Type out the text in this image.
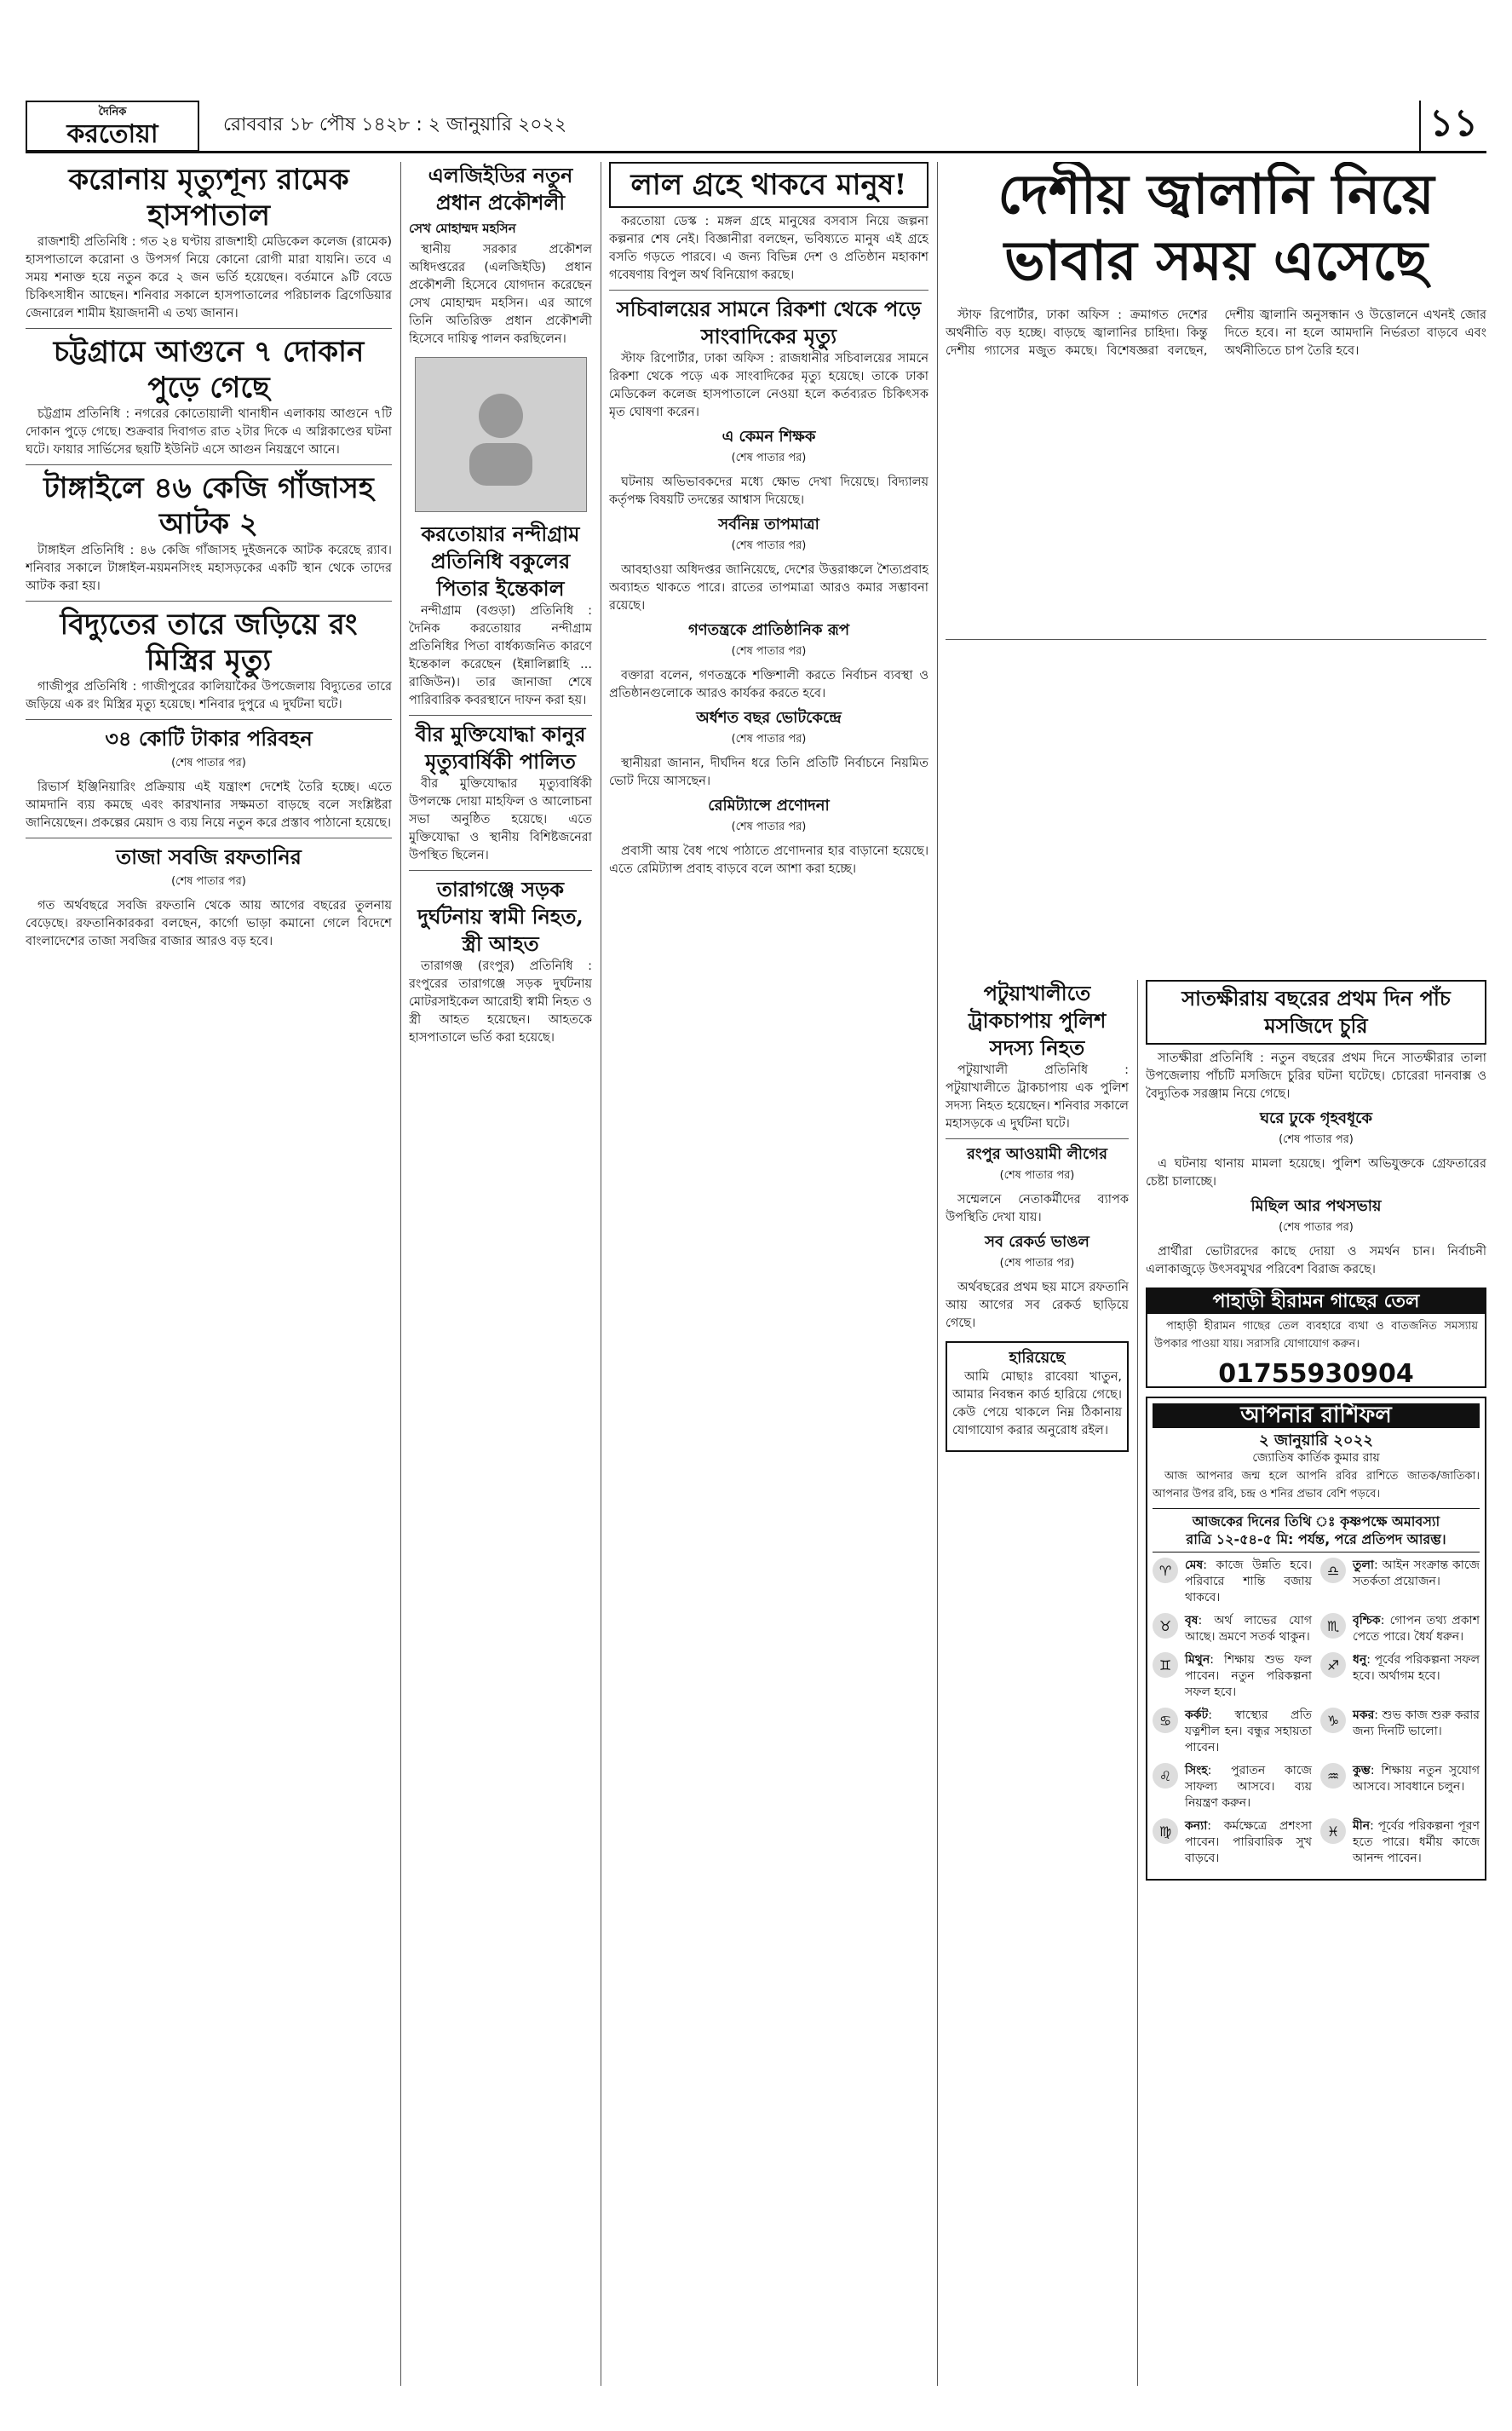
দৈনিক
করতোয়া	রোববার ১৮ পৌষ ১৪২৮ : ২ জানুয়ারি ২০২২	১১
করোনায় মৃত্যুশূন্য রামেক হাসপাতাল

রাজশাহী প্রতিনিধি : গত ২৪ ঘণ্টায় রাজশাহী মেডিকেল কলেজ (রামেক) হাসপাতালে করোনা ও উপসর্গ নিয়ে কোনো রোগী মারা যায়নি। তবে এ সময় শনাক্ত হয়ে নতুন করে ২ জন ভর্তি হয়েছেন। বর্তমানে ৯টি বেডে চিকিৎসাধীন আছেন। শনিবার সকালে হাসপাতালের পরিচালক ব্রিগেডিয়ার জেনারেল শামীম ইয়াজদানী এ তথ্য জানান।

চট্টগ্রামে আগুনে ৭ দোকান পুড়ে গেছে

চট্টগ্রাম প্রতিনিধি : নগরের কোতোয়ালী থানাধীন এলাকায় আগুনে ৭টি দোকান পুড়ে গেছে। শুক্রবার দিবাগত রাত ২টার দিকে এ অগ্নিকাণ্ডের ঘটনা ঘটে। ফায়ার সার্ভিসের ছয়টি ইউনিট এসে আগুন নিয়ন্ত্রণে আনে।

টাঙ্গাইলে ৪৬ কেজি গাঁজাসহ আটক ২

টাঙ্গাইল প্রতিনিধি : ৪৬ কেজি গাঁজাসহ দুইজনকে আটক করেছে র‌্যাব। শনিবার সকালে টাঙ্গাইল-ময়মনসিংহ মহাসড়কের একটি স্থান থেকে তাদের আটক করা হয়।

বিদ্যুতের তারে জড়িয়ে রং মিস্ত্রির মৃত্যু

গাজীপুর প্রতিনিধি : গাজীপুরের কালিয়াকৈর উপজেলায় বিদ্যুতের তারে জড়িয়ে এক রং মিস্ত্রির মৃত্যু হয়েছে। শনিবার দুপুরে এ দুর্ঘটনা ঘটে।

৩৪ কোটি টাকার পরিবহন
(শেষ পাতার পর)

রিভার্স ইঞ্জিনিয়ারিং প্রক্রিয়ায় এই যন্ত্রাংশ দেশেই তৈরি হচ্ছে। এতে আমদানি ব্যয় কমছে এবং কারখানার সক্ষমতা বাড়ছে বলে সংশ্লিষ্টরা জানিয়েছেন। প্রকল্পের মেয়াদ ও ব্যয় নিয়ে নতুন করে প্রস্তাব পাঠানো হয়েছে।

তাজা সবজি রফতানির
(শেষ পাতার পর)

গত অর্থবছরে সবজি রফতানি থেকে আয় আগের বছরের তুলনায় বেড়েছে। রফতানিকারকরা বলছেন, কার্গো ভাড়া কমানো গেলে বিদেশে বাংলাদেশের তাজা সবজির বাজার আরও বড় হবে।

এলজিইডির নতুন প্রধান প্রকৌশলী
সেখ মোহাম্মদ মহসিন

স্থানীয় সরকার প্রকৌশল অধিদপ্তরের (এলজিইডি) প্রধান প্রকৌশলী হিসেবে যোগদান করেছেন সেখ মোহাম্মদ মহসিন। এর আগে তিনি অতিরিক্ত প্রধান প্রকৌশলী হিসেবে দায়িত্ব পালন করছিলেন।

করতোয়ার নন্দীগ্রাম প্রতিনিধি বকুলের পিতার ইন্তেকাল

নন্দীগ্রাম (বগুড়া) প্রতিনিধি : দৈনিক করতোয়ার নন্দীগ্রাম প্রতিনিধির পিতা বার্ধক্যজনিত কারণে ইন্তেকাল করেছেন (ইন্নালিল্লাহি ... রাজিউন)। তার জানাজা শেষে পারিবারিক কবরস্থানে দাফন করা হয়।

বীর মুক্তিযোদ্ধা কানুর মৃত্যুবার্ষিকী পালিত

বীর মুক্তিযোদ্ধার মৃত্যুবার্ষিকী উপলক্ষে দোয়া মাহফিল ও আলোচনা সভা অনুষ্ঠিত হয়েছে। এতে মুক্তিযোদ্ধা ও স্থানীয় বিশিষ্টজনেরা উপস্থিত ছিলেন।

তারাগঞ্জে সড়ক দুর্ঘটনায় স্বামী নিহত, স্ত্রী আহত

তারাগঞ্জ (রংপুর) প্রতিনিধি : রংপুরের তারাগঞ্জে সড়ক দুর্ঘটনায় মোটরসাইকেল আরোহী স্বামী নিহত ও স্ত্রী আহত হয়েছেন। আহতকে হাসপাতালে ভর্তি করা হয়েছে।

লাল গ্রহে থাকবে মানুষ!

করতোয়া ডেস্ক : মঙ্গল গ্রহে মানুষের বসবাস নিয়ে জল্পনা কল্পনার শেষ নেই। বিজ্ঞানীরা বলছেন, ভবিষ্যতে মানুষ এই গ্রহে বসতি গড়তে পারবে। এ জন্য বিভিন্ন দেশ ও প্রতিষ্ঠান মহাকাশ গবেষণায় বিপুল অর্থ বিনিয়োগ করছে।

সচিবালয়ের সামনে রিকশা থেকে পড়ে সাংবাদিকের মৃত্যু

স্টাফ রিপোর্টার, ঢাকা অফিস : রাজধানীর সচিবালয়ের সামনে রিকশা থেকে পড়ে এক সাংবাদিকের মৃত্যু হয়েছে। তাকে ঢাকা মেডিকেল কলেজ হাসপাতালে নেওয়া হলে কর্তব্যরত চিকিৎসক মৃত ঘোষণা করেন।

এ কেমন শিক্ষক
(শেষ পাতার পর)

ঘটনায় অভিভাবকদের মধ্যে ক্ষোভ দেখা দিয়েছে। বিদ্যালয় কর্তৃপক্ষ বিষয়টি তদন্তের আশ্বাস দিয়েছে।

সর্বনিম্ন তাপমাত্রা
(শেষ পাতার পর)

আবহাওয়া অধিদপ্তর জানিয়েছে, দেশের উত্তরাঞ্চলে শৈত্যপ্রবাহ অব্যাহত থাকতে পারে। রাতের তাপমাত্রা আরও কমার সম্ভাবনা রয়েছে।

গণতন্ত্রকে প্রাতিষ্ঠানিক রূপ
(শেষ পাতার পর)

বক্তারা বলেন, গণতন্ত্রকে শক্তিশালী করতে নির্বাচন ব্যবস্থা ও প্রতিষ্ঠানগুলোকে আরও কার্যকর করতে হবে।

অর্ধশত বছর ভোটকেন্দ্রে
(শেষ পাতার পর)

স্থানীয়রা জানান, দীর্ঘদিন ধরে তিনি প্রতিটি নির্বাচনে নিয়মিত ভোট দিয়ে আসছেন।

রেমিট্যান্সে প্রণোদনা
(শেষ পাতার পর)

প্রবাসী আয় বৈধ পথে পাঠাতে প্রণোদনার হার বাড়ানো হয়েছে। এতে রেমিট্যান্স প্রবাহ বাড়বে বলে আশা করা হচ্ছে।

দেশীয় জ্বালানি নিয়ে ভাবার সময় এসেছে

স্টাফ রিপোর্টার, ঢাকা অফিস : ক্রমাগত দেশের অর্থনীতি বড় হচ্ছে। বাড়ছে জ্বালানির চাহিদা। কিন্তু দেশীয় গ্যাসের মজুত কমছে। বিশেষজ্ঞরা বলছেন, দেশীয় জ্বালানি অনুসন্ধান ও উত্তোলনে এখনই জোর দিতে হবে। না হলে আমদানি নির্ভরতা বাড়বে এবং অর্থনীতিতে চাপ তৈরি হবে।

পটুয়াখালীতে ট্রাকচাপায় পুলিশ সদস্য নিহত

পটুয়াখালী প্রতিনিধি : পটুয়াখালীতে ট্রাকচাপায় এক পুলিশ সদস্য নিহত হয়েছেন। শনিবার সকালে মহাসড়কে এ দুর্ঘটনা ঘটে।

রংপুর আওয়ামী লীগের
(শেষ পাতার পর)

সম্মেলনে নেতাকর্মীদের ব্যাপক উপস্থিতি দেখা যায়।

সব রেকর্ড ভাঙল
(শেষ পাতার পর)

অর্থবছরের প্রথম ছয় মাসে রফতানি আয় আগের সব রেকর্ড ছাড়িয়ে গেছে।

হারিয়েছে

আমি মোছাঃ রাবেয়া খাতুন, আমার নিবন্ধন কার্ড হারিয়ে গেছে। কেউ পেয়ে থাকলে নিম্ন ঠিকানায় যোগাযোগ করার অনুরোধ রইল।

সাতক্ষীরায় বছরের প্রথম দিন পাঁচ মসজিদে চুরি

সাতক্ষীরা প্রতিনিধি : নতুন বছরের প্রথম দিনে সাতক্ষীরার তালা উপজেলায় পাঁচটি মসজিদে চুরির ঘটনা ঘটেছে। চোরেরা দানবাক্স ও বৈদ্যুতিক সরঞ্জাম নিয়ে গেছে।

ঘরে ঢুকে গৃহবধূকে
(শেষ পাতার পর)

এ ঘটনায় থানায় মামলা হয়েছে। পুলিশ অভিযুক্তকে গ্রেফতারের চেষ্টা চালাচ্ছে।

মিছিল আর পথসভায়
(শেষ পাতার পর)

প্রার্থীরা ভোটারদের কাছে দোয়া ও সমর্থন চান। নির্বাচনী এলাকাজুড়ে উৎসবমুখর পরিবেশ বিরাজ করছে।

পাহাড়ী হীরামন গাছের তেল

পাহাড়ী হীরামন গাছের তেল ব্যবহারে ব্যথা ও বাতজনিত সমস্যায় উপকার পাওয়া যায়। সরাসরি যোগাযোগ করুন।

01755930904
আপনার রাশিফল
২ জানুয়ারি ২০২২
জ্যোতিষ কার্তিক কুমার রায়

আজ আপনার জন্ম হলে আপনি রবির রাশিতে জাতক/জাতিকা। আপনার উপর রবি, চন্দ্র ও শনির প্রভাব বেশি পড়বে।

আজকের দিনের তিথি ঃ কৃষ্ণপক্ষে অমাবস্যা
রাত্রি ১২-৫৪-৫ মি: পর্যন্ত, পরে প্রতিপদ আরম্ভ।
♈	মেষ: কাজে উন্নতি হবে। পরিবারে শান্তি বজায় থাকবে।
♎	তুলা: আইন সংক্রান্ত কাজে সতর্কতা প্রয়োজন।
♉	বৃষ: অর্থ লাভের যোগ আছে। ভ্রমণে সতর্ক থাকুন।
♏	বৃশ্চিক: গোপন তথ্য প্রকাশ পেতে পারে। ধৈর্য ধরুন।
♊	মিথুন: শিক্ষায় শুভ ফল পাবেন। নতুন পরিকল্পনা সফল হবে।
♐	ধনু: পূর্বের পরিকল্পনা সফল হবে। অর্থাগম হবে।
♋	কর্কট: স্বাস্থ্যের প্রতি যত্নশীল হন। বন্ধুর সহায়তা পাবেন।
♑	মকর: শুভ কাজ শুরু করার জন্য দিনটি ভালো।
♌	সিংহ: পুরাতন কাজে সাফল্য আসবে। ব্যয় নিয়ন্ত্রণ করুন।
♒	কুম্ভ: শিক্ষায় নতুন সুযোগ আসবে। সাবধানে চলুন।
♍	কন্যা: কর্মক্ষেত্রে প্রশংসা পাবেন। পারিবারিক সুখ বাড়বে।
♓	মীন: পূর্বের পরিকল্পনা পূরণ হতে পারে। ধর্মীয় কাজে আনন্দ পাবেন।
